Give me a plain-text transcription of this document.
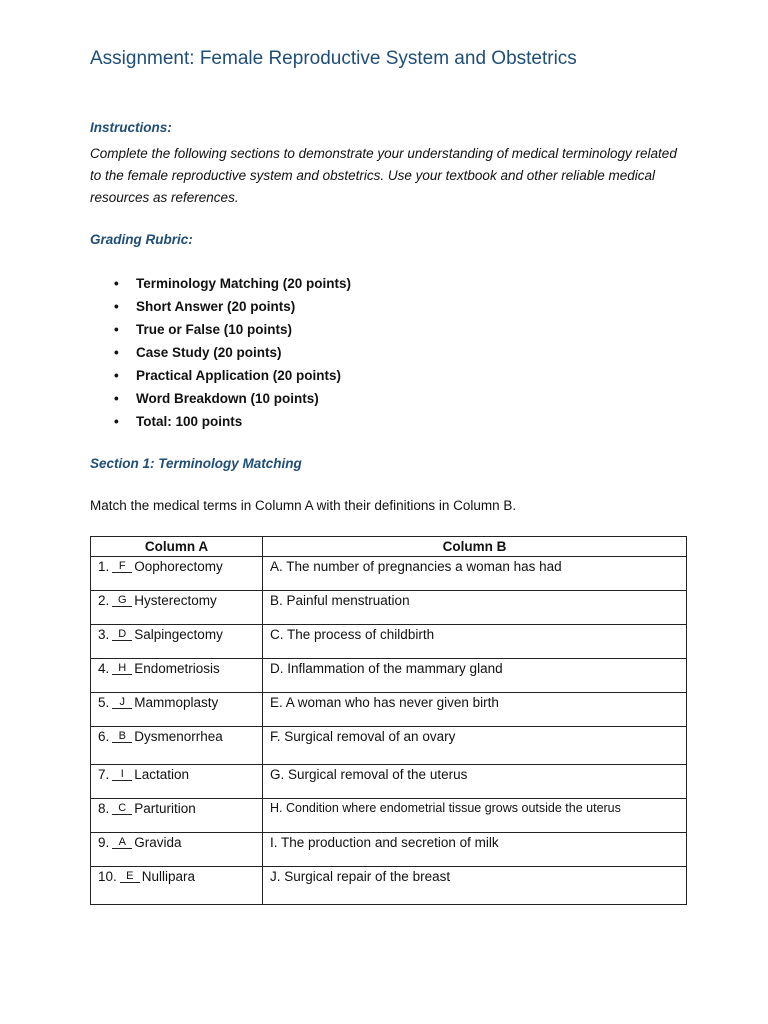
Assignment: Female Reproductive System and Obstetrics

Instructions:

Complete the following sections to demonstrate your understanding of medical terminology related to the female reproductive system and obstetrics. Use your textbook and other reliable medical resources as references.

Grading Rubric:

• Terminology Matching (20 points)
• Short Answer (20 points)
• True or False (10 points)
• Case Study (20 points)
• Practical Application (20 points)
• Word Breakdown (10 points)
• Total: 100 points

Section 1: Terminology Matching

Match the medical terms in Column A with their definitions in Column B.

Column A	Column B
1. F Oophorectomy	A. The number of pregnancies a woman has had
2. G Hysterectomy	B. Painful menstruation
3. D Salpingectomy	C. The process of childbirth
4. H Endometriosis	D. Inflammation of the mammary gland
5. J Mammoplasty	E. A woman who has never given birth
6. B Dysmenorrhea	F. Surgical removal of an ovary
7. I Lactation	G. Surgical removal of the uterus
8. C Parturition	H. Condition where endometrial tissue grows outside the uterus
9. A Gravida	I. The production and secretion of milk
10. E Nullipara	J. Surgical repair of the breast
